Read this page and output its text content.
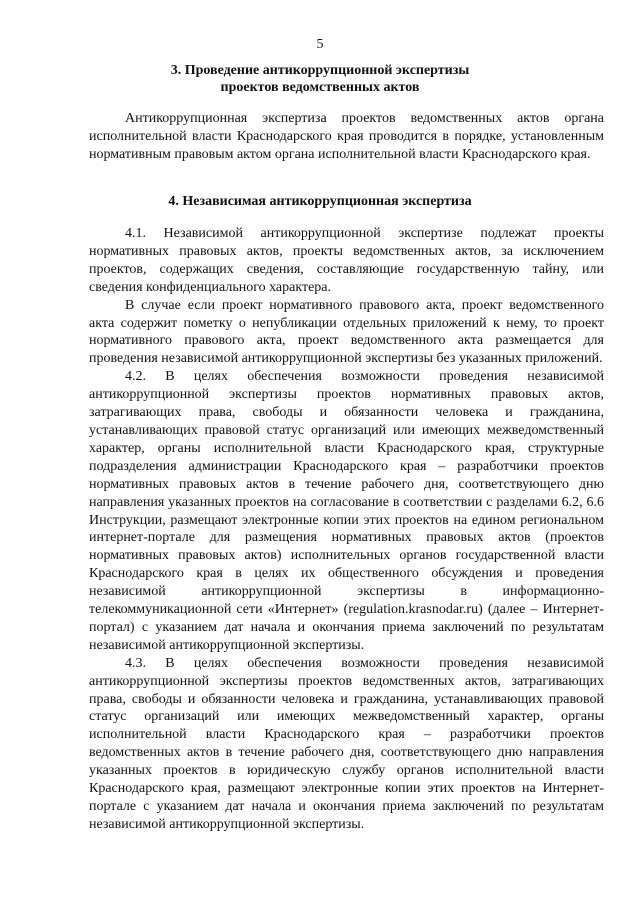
5
3. Проведение антикоррупционной экспертизы
проектов ведомственных актов

Антикоррупционная экспертиза проектов ведомственных актов органа исполнительной власти Краснодарского края проводится в порядке, установленным нормативным правовым актом органа исполнительной власти Краснодарского края.

4. Независимая антикоррупционная экспертиза

4.1. Независимой антикоррупционной экспертизе подлежат проекты нормативных правовых актов, проекты ведомственных актов, за исключением проектов, содержащих сведения, составляющие государственную тайну, или сведения конфиденциального характера.

В случае если проект нормативного правового акта, проект ведомственного акта содержит пометку о непубликации отдельных приложений к нему, то проект нормативного правового акта, проект ведомственного акта размещается для проведения независимой антикоррупционной экспертизы без указанных приложений.

4.2. В целях обеспечения возможности проведения независимой антикоррупционной экспертизы проектов нормативных правовых актов, затрагивающих права, свободы и обязанности человека и гражданина, устанавливающих правовой статус организаций или имеющих межведомственный характер, органы исполнительной власти Краснодарского края, структурные подразделения администрации Краснодарского края – разработчики проектов нормативных правовых актов в течение рабочего дня, соответствующего дню направления указанных проектов на согласование в соответствии с разделами 6.2, 6.6 Инструкции, размещают электронные копии этих проектов на едином региональном интернет-портале для размещения нормативных правовых актов (проектов нормативных правовых актов) исполнительных органов государственной власти Краснодарского края в целях их общественного обсуждения и проведения независимой антикоррупционной экспертизы в информационно-телекоммуникационной сети «Интернет» (regulation.krasnodar.ru) (далее – Интернет-портал) с указанием дат начала и окончания приема заключений по результатам независимой антикоррупционной экспертизы.

4.3. В целях обеспечения возможности проведения независимой антикоррупционной экспертизы проектов ведомственных актов, затрагивающих права, свободы и обязанности человека и гражданина, устанавливающих правовой статус организаций или имеющих межведомственный характер, органы исполнительной власти Краснодарского края – разработчики проектов ведомственных актов в течение рабочего дня, соответствующего дню направления указанных проектов в юридическую службу органов исполнительной власти Краснодарского края, размещают электронные копии этих проектов на Интернет-портале с указанием дат начала и окончания приема заключений по результатам независимой антикоррупционной экспертизы.
